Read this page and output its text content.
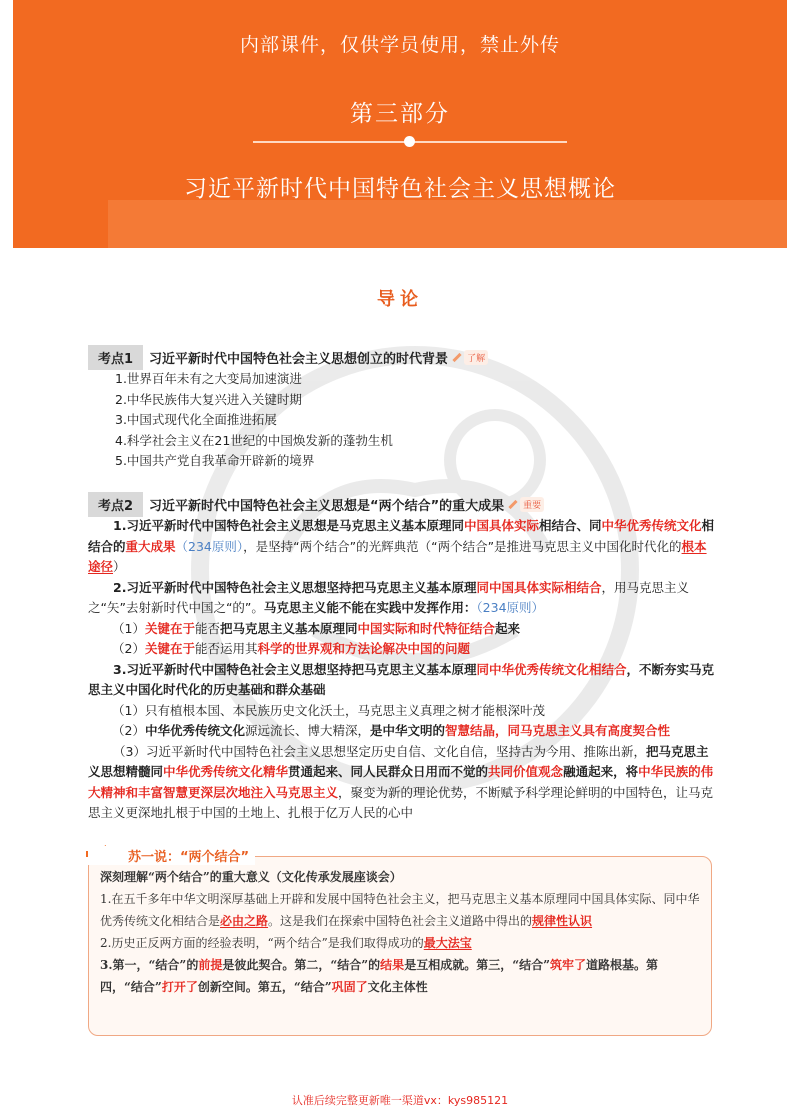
内部课件，仅供学员使用，禁止外传
第三部分
习近平新时代中国特色社会主义思想概论
导论
考点1 习近平新时代中国特色社会主义思想创立的时代背景 了解
1.世界百年未有之大变局加速演进
2.中华民族伟大复兴进入关键时期
3.中国式现代化全面推进拓展
4.科学社会主义在21世纪的中国焕发新的蓬勃生机
5.中国共产党自我革命开辟新的境界
考点2 习近平新时代中国特色社会主义思想是“两个结合”的重大成果 重要

1.习近平新时代中国特色社会主义思想是马克思主义基本原理同中国具体实际相结合、同中华优秀传统文化相结合的重大成果（234原则），是坚持“两个结合”的光辉典范（“两个结合”是推进马克思主义中国化时代化的根本途径）

2.习近平新时代中国特色社会主义思想坚持把马克思主义基本原理同中国具体实际相结合，用马克思主义之“矢”去射新时代中国之“的”。马克思主义能不能在实践中发挥作用：（234原则）

（1）关键在于能否把马克思主义基本原理同中国实际和时代特征结合起来

（2）关键在于能否运用其科学的世界观和方法论解决中国的问题

3.习近平新时代中国特色社会主义思想坚持把马克思主义基本原理同中华优秀传统文化相结合，不断夯实马克思主义中国化时代化的历史基础和群众基础

（1）只有植根本国、本民族历史文化沃土，马克思主义真理之树才能根深叶茂

（2）中华优秀传统文化源远流长、博大精深，是中华文明的智慧结晶，同马克思主义具有高度契合性

（3）习近平新时代中国特色社会主义思想坚定历史自信、文化自信，坚持古为今用、推陈出新，把马克思主义思想精髓同中华优秀传统文化精华贯通起来、同人民群众日用而不觉的共同价值观念融通起来，将中华民族的伟大精神和丰富智慧更深层次地注入马克思主义，聚变为新的理论优势，不断赋予科学理论鲜明的中国特色，让马克思主义更深地扎根于中国的土地上、扎根于亿万人民的心中

苏一说：“两个结合”
深刻理解“两个结合”的重大意义（文化传承发展座谈会）
1.在五千多年中华文明深厚基础上开辟和发展中国特色社会主义，把马克思主义基本原理同中国具体实际、同中华优秀传统文化相结合是必由之路。这是我们在探索中国特色社会主义道路中得出的规律性认识
2.历史正反两方面的经验表明，“两个结合”是我们取得成功的最大法宝
3.第一，“结合”的前提是彼此契合。第二，“结合”的结果是互相成就。第三，“结合”筑牢了道路根基。第四，“结合”打开了创新空间。第五，“结合”巩固了文化主体性
认准后续完整更新唯一渠道vx：kys985121
